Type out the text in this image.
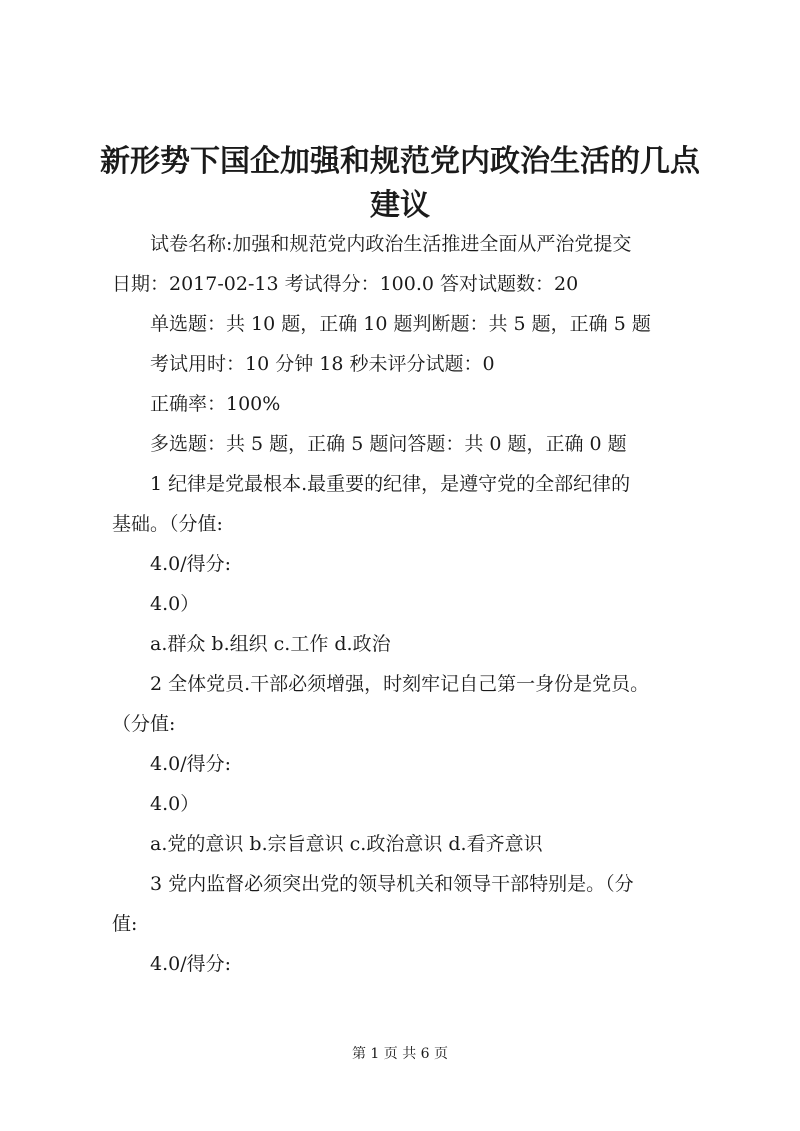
新形势下国企加强和规范党内政治生活的几点
建议

试卷名称:加强和规范党内政治生活推进全面从严治党提交

日期：2017-02-13 考试得分：100.0 答对试题数：20

单选题：共 10 题，正确 10 题判断题：共 5 题，正确 5 题

考试用时：10 分钟 18 秒未评分试题：0

正确率：100%

多选题：共 5 题，正确 5 题问答题：共 0 题，正确 0 题

1 纪律是党最根本.最重要的纪律，是遵守党的全部纪律的

基础。（分值:

4.0/得分:

4.0）

a.群众 b.组织 c.工作 d.政治

2 全体党员.干部必须增强，时刻牢记自己第一身份是党员。

（分值:

4.0/得分:

4.0）

a.党的意识 b.宗旨意识 c.政治意识 d.看齐意识

3 党内监督必须突出党的领导机关和领导干部特别是。（分

值:

4.0/得分:

第 1 页 共 6 页
